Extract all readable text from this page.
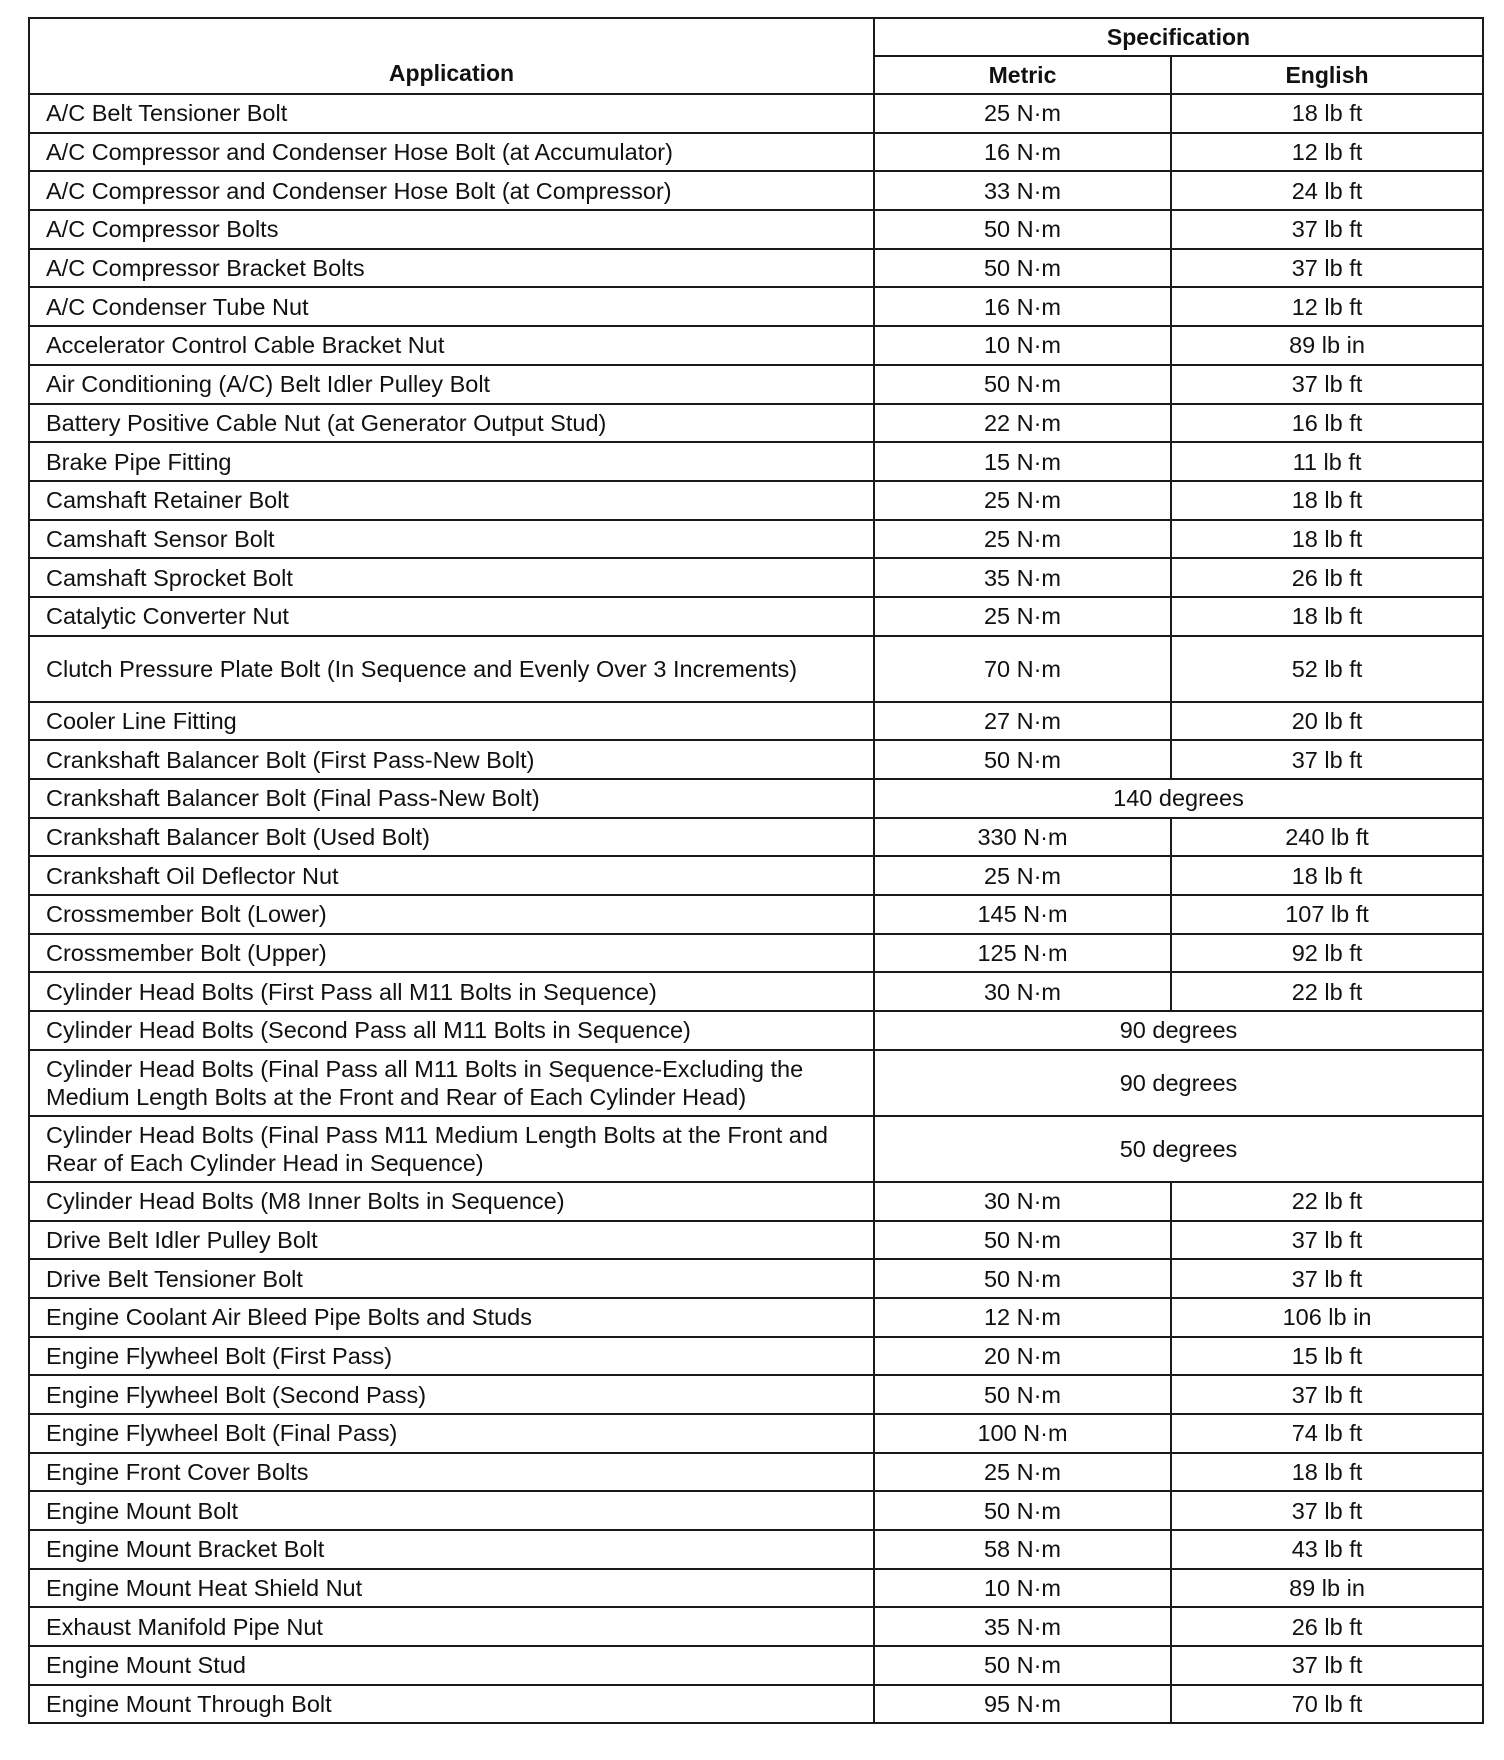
Application	Specification	
	Metric	English
A/C Belt Tensioner Bolt	25 N·m	18 lb ft
A/C Compressor and Condenser Hose Bolt (at Accumulator)	16 N·m	12 lb ft
A/C Compressor and Condenser Hose Bolt (at Compressor)	33 N·m	24 lb ft
A/C Compressor Bolts	50 N·m	37 lb ft
A/C Compressor Bracket Bolts	50 N·m	37 lb ft
A/C Condenser Tube Nut	16 N·m	12 lb ft
Accelerator Control Cable Bracket Nut	10 N·m	89 lb in
Air Conditioning (A/C) Belt Idler Pulley Bolt	50 N·m	37 lb ft
Battery Positive Cable Nut (at Generator Output Stud)	22 N·m	16 lb ft
Brake Pipe Fitting	15 N·m	11 lb ft
Camshaft Retainer Bolt	25 N·m	18 lb ft
Camshaft Sensor Bolt	25 N·m	18 lb ft
Camshaft Sprocket Bolt	35 N·m	26 lb ft
Catalytic Converter Nut	25 N·m	18 lb ft
Clutch Pressure Plate Bolt (In Sequence and Evenly Over 3 Increments)	70 N·m	52 lb ft
Cooler Line Fitting	27 N·m	20 lb ft
Crankshaft Balancer Bolt (First Pass-New Bolt)	50 N·m	37 lb ft
Crankshaft Balancer Bolt (Final Pass-New Bolt)	140 degrees	
Crankshaft Balancer Bolt (Used Bolt)	330 N·m	240 lb ft
Crankshaft Oil Deflector Nut	25 N·m	18 lb ft
Crossmember Bolt (Lower)	145 N·m	107 lb ft
Crossmember Bolt (Upper)	125 N·m	92 lb ft
Cylinder Head Bolts (First Pass all M11 Bolts in Sequence)	30 N·m	22 lb ft
Cylinder Head Bolts (Second Pass all M11 Bolts in Sequence)	90 degrees	
Cylinder Head Bolts (Final Pass all M11 Bolts in Sequence-Excluding the Medium Length Bolts at the Front and Rear of Each Cylinder Head)	90 degrees	
Cylinder Head Bolts (Final Pass M11 Medium Length Bolts at the Front and Rear of Each Cylinder Head in Sequence)	50 degrees	
Cylinder Head Bolts (M8 Inner Bolts in Sequence)	30 N·m	22 lb ft
Drive Belt Idler Pulley Bolt	50 N·m	37 lb ft
Drive Belt Tensioner Bolt	50 N·m	37 lb ft
Engine Coolant Air Bleed Pipe Bolts and Studs	12 N·m	106 lb in
Engine Flywheel Bolt (First Pass)	20 N·m	15 lb ft
Engine Flywheel Bolt (Second Pass)	50 N·m	37 lb ft
Engine Flywheel Bolt (Final Pass)	100 N·m	74 lb ft
Engine Front Cover Bolts	25 N·m	18 lb ft
Engine Mount Bolt	50 N·m	37 lb ft
Engine Mount Bracket Bolt	58 N·m	43 lb ft
Engine Mount Heat Shield Nut	10 N·m	89 lb in
Exhaust Manifold Pipe Nut	35 N·m	26 lb ft
Engine Mount Stud	50 N·m	37 lb ft
Engine Mount Through Bolt	95 N·m	70 lb ft
